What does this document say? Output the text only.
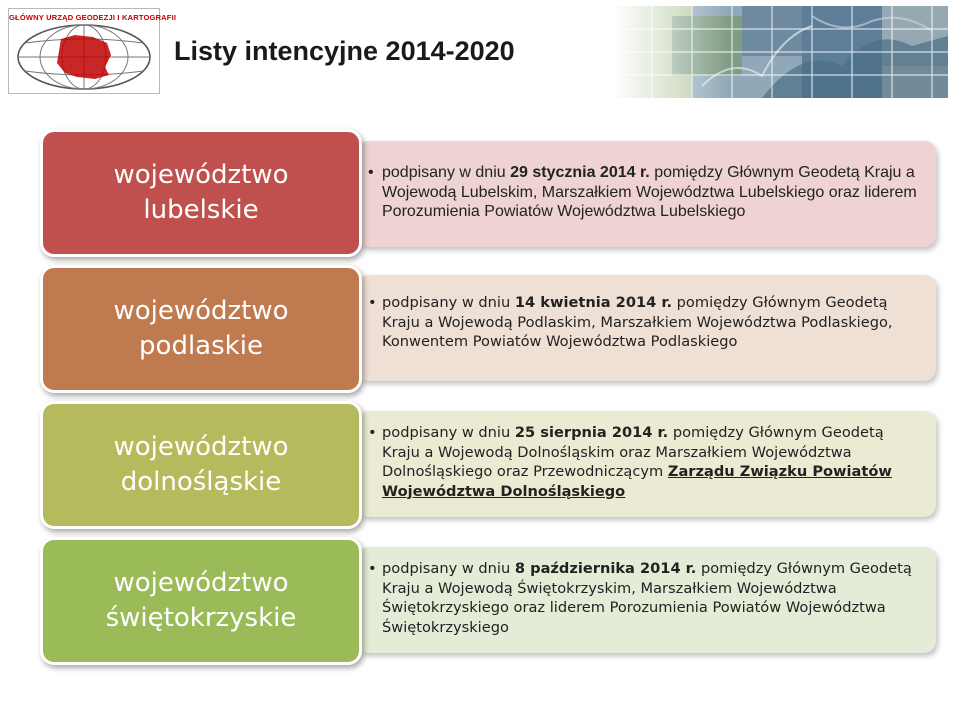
GŁÓWNY URZĄD GEODEZJI I KARTOGRAFII
Listy intencyjne 2014-2020
województwo
lubelskie
• podpisany w dniu 29 stycznia 2014 r. pomiędzy Głównym Geodetą Kraju a Wojewodą Lubelskim, Marszałkiem Województwa Lubelskiego oraz liderem Porozumienia Powiatów Województwa Lubelskiego
województwo
podlaskie
• podpisany w dniu 14 kwietnia 2014 r. pomiędzy Głównym Geodetą Kraju a Wojewodą Podlaskim, Marszałkiem Województwa Podlaskiego, Konwentem Powiatów Województwa Podlaskiego
województwo
dolnośląskie
• podpisany w dniu 25 sierpnia 2014 r. pomiędzy Głównym Geodetą Kraju a Wojewodą Dolnośląskim oraz Marszałkiem Województwa Dolnośląskiego oraz Przewodniczącym Zarządu Związku Powiatów Województwa Dolnośląskiego
województwo
świętokrzyskie
• podpisany w dniu 8 października 2014 r. pomiędzy Głównym Geodetą Kraju a Wojewodą Świętokrzyskim, Marszałkiem Województwa Świętokrzyskiego oraz liderem Porozumienia Powiatów Województwa Świętokrzyskiego
